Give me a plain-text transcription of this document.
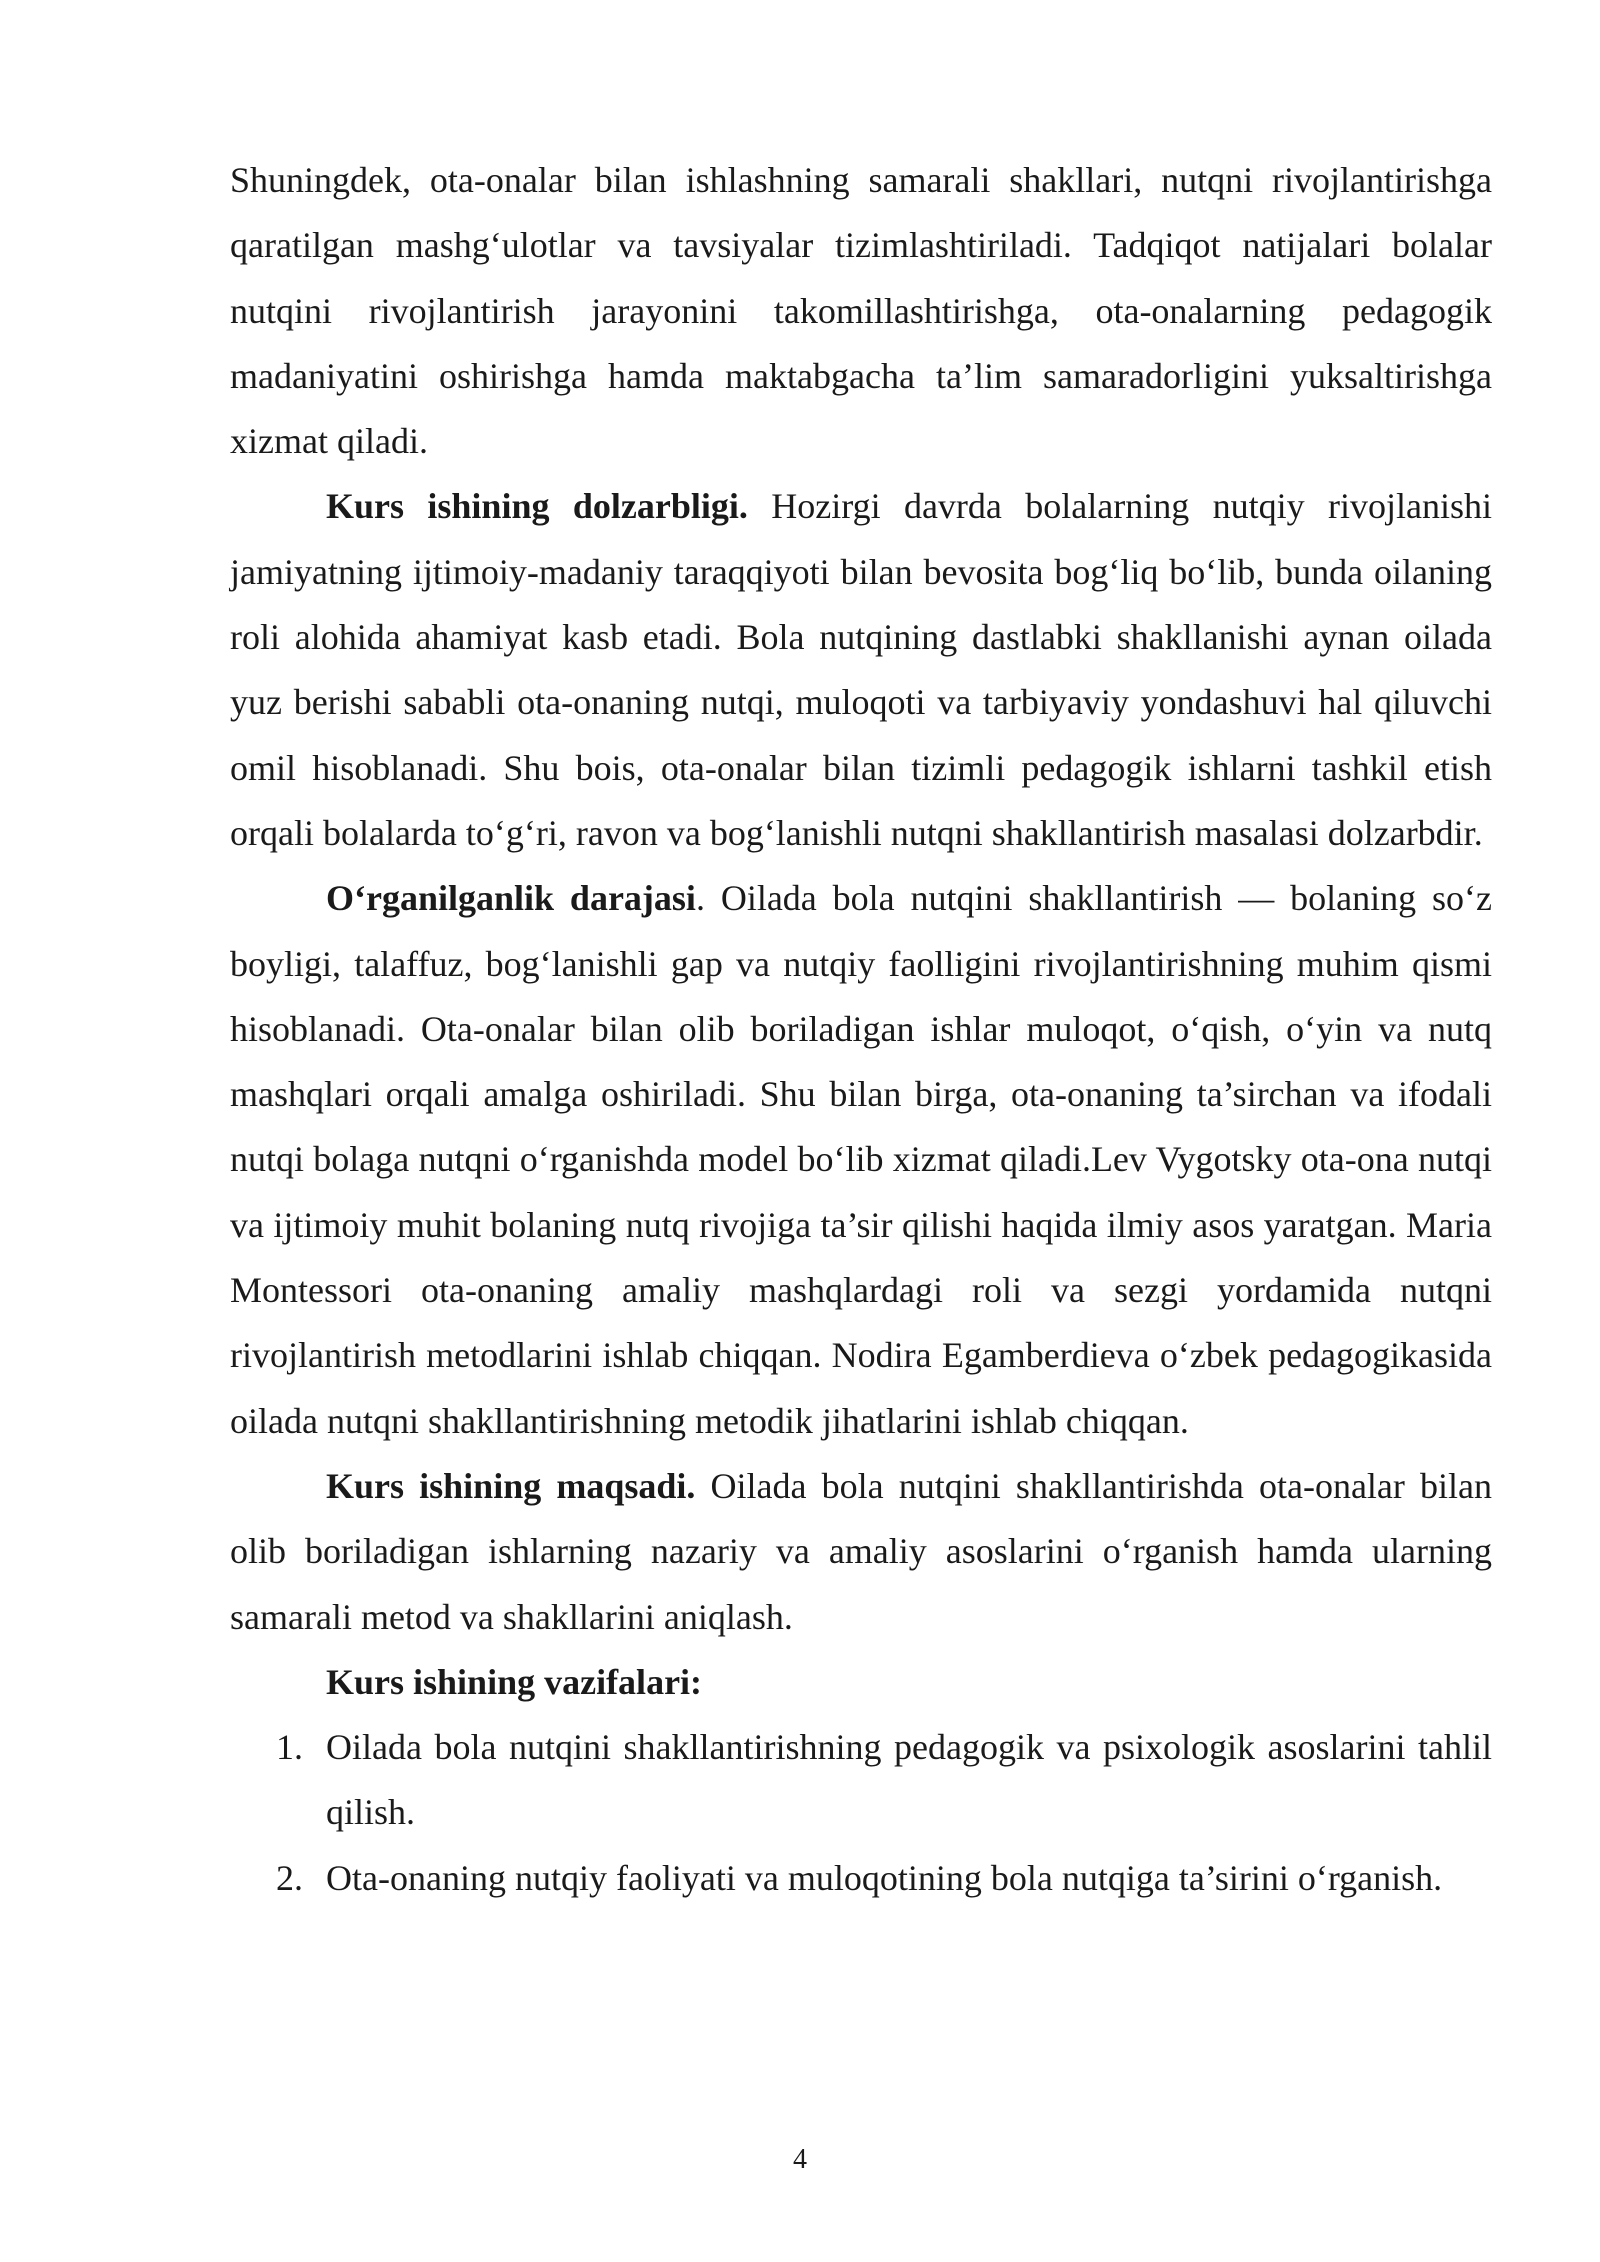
Shuningdek, ota-onalar bilan ishlashning samarali shakllari, nutqni rivojlantirishga qaratilgan mashg‘ulotlar va tavsiyalar tizimlashtiriladi. Tadqiqot natijalari bolalar nutqini rivojlantirish jarayonini takomillashtirishga, ota-onalarning pedagogik madaniyatini oshirishga hamda maktabgacha ta’lim samaradorligini yuksaltirishga xizmat qiladi.

Kurs ishining dolzarbligi. Hozirgi davrda bolalarning nutqiy rivojlanishi jamiyatning ijtimoiy-madaniy taraqqiyoti bilan bevosita bog‘liq bo‘lib, bunda oilaning roli alohida ahamiyat kasb etadi. Bola nutqining dastlabki shakllanishi aynan oilada yuz berishi sababli ota-onaning nutqi, muloqoti va tarbiyaviy yondashuvi hal qiluvchi omil hisoblanadi. Shu bois, ota-onalar bilan tizimli pedagogik ishlarni tashkil etish orqali bolalarda to‘g‘ri, ravon va bog‘lanishli nutqni shakllantirish masalasi dolzarbdir.

O‘rganilganlik darajasi. Oilada bola nutqini shakllantirish — bolaning so‘z boyligi, talaffuz, bog‘lanishli gap va nutqiy faolligini rivojlantirishning muhim qismi hisoblanadi. Ota-onalar bilan olib boriladigan ishlar muloqot, o‘qish, o‘yin va nutq mashqlari orqali amalga oshiriladi. Shu bilan birga, ota-onaning ta’sirchan va ifodali nutqi bolaga nutqni o‘rganishda model bo‘lib xizmat qiladi.Lev Vygotsky ota-ona nutqi va ijtimoiy muhit bolaning nutq rivojiga ta’sir qilishi haqida ilmiy asos yaratgan. Maria Montessori ota-onaning amaliy mashqlardagi roli va sezgi yordamida nutqni rivojlantirish metodlarini ishlab chiqqan. Nodira Egamberdieva o‘zbek pedagogikasida oilada nutqni shakllantirishning metodik jihatlarini ishlab chiqqan.

Kurs ishining maqsadi. Oilada bola nutqini shakllantirishda ota-onalar bilan olib boriladigan ishlarning nazariy va amaliy asoslarini o‘rganish hamda ularning samarali metod va shakllarini aniqlash.

Kurs ishining vazifalari:

1. Oilada bola nutqini shakllantirishning pedagogik va psixologik asoslarini tahlil qilish.
2. Ota-onaning nutqiy faoliyati va muloqotining bola nutqiga ta’sirini o‘rganish.
4
